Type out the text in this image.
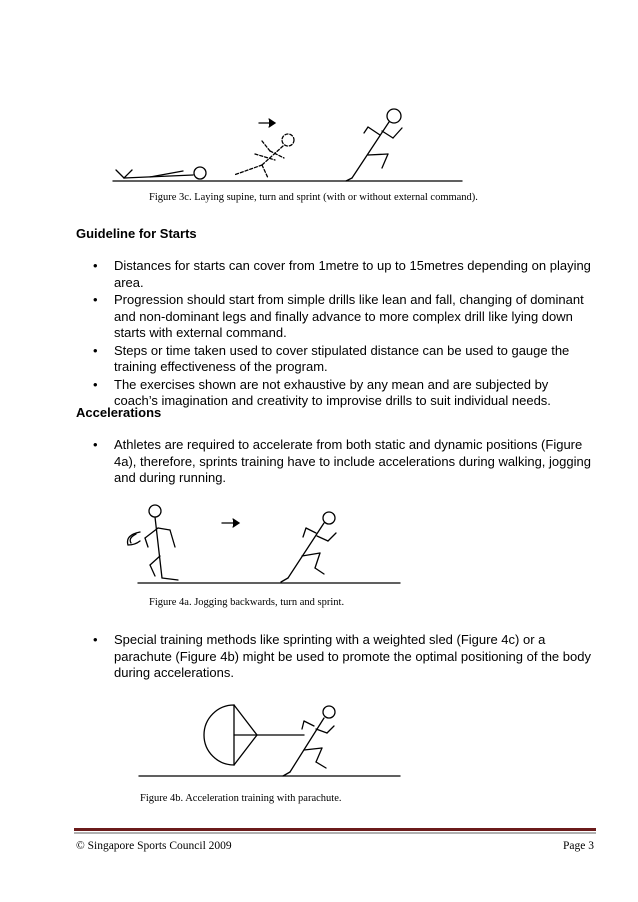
Figure 3c. Laying supine, turn and sprint (with or without external command).
Guideline for Starts
• Distances for starts can cover from 1metre to up to 15metres depending on playing area.
• Progression should start from simple drills like lean and fall, changing of dominant and non-dominant legs and finally advance to more complex drill like lying down starts with external command.
• Steps or time taken used to cover stipulated distance can be used to gauge the training effectiveness of the program.
• The exercises shown are not exhaustive by any mean and are subjected by coach’s imagination and creativity to improvise drills to suit individual needs.
Accelerations
• Athletes are required to accelerate from both static and dynamic positions (Figure 4a), therefore, sprints training have to include accelerations during walking, jogging and during running.
Figure 4a. Jogging backwards, turn and sprint.
• Special training methods like sprinting with a weighted sled (Figure 4c) or a parachute (Figure 4b) might be used to promote the optimal positioning of the body during accelerations.
Figure 4b. Acceleration training with parachute.
© Singapore Sports Council 2009	Page 3
